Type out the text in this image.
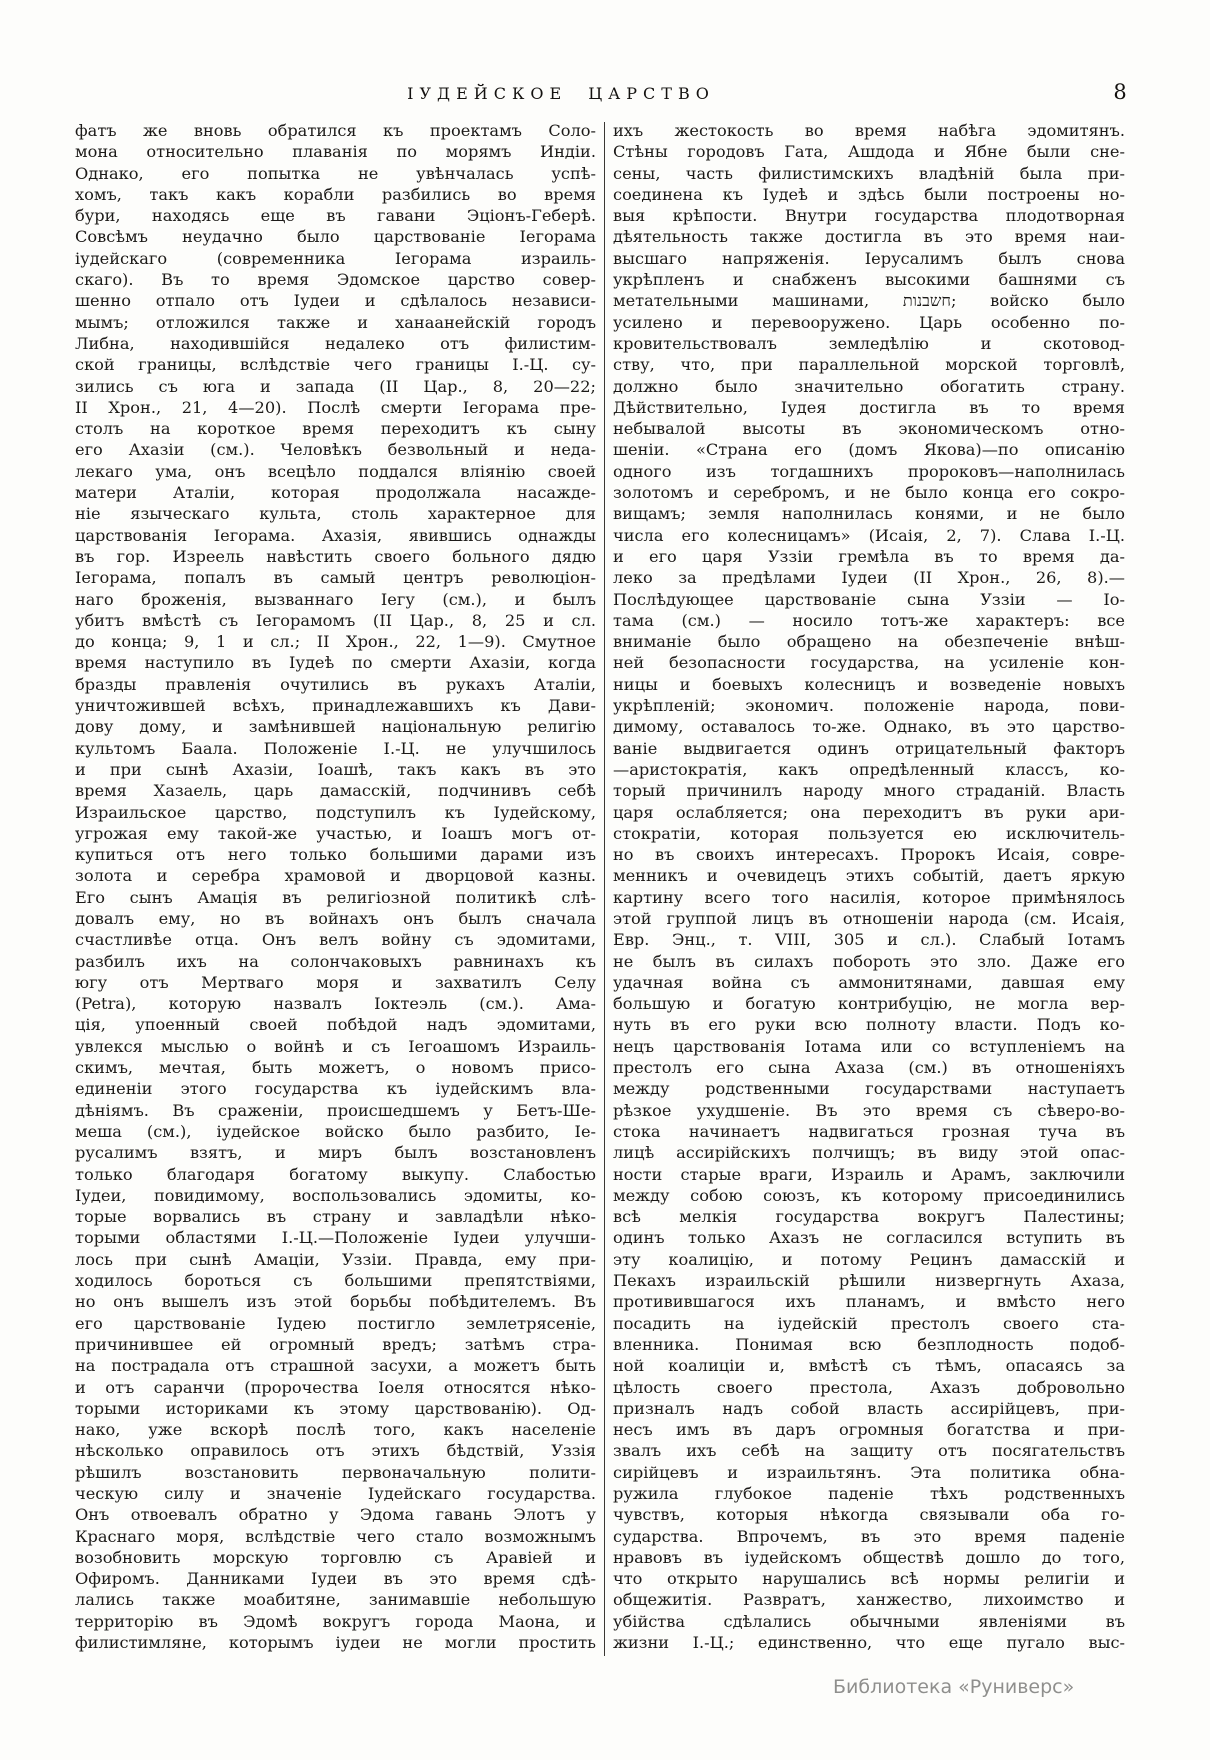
ІУДЕЙСКОЕ ЦАРСТВО	8
фатъ же вновь обратился къ проектамъ Соло-
мона относительно плаванія по морямъ Индіи.
Однако, его попытка не увѣнчалась успѣ-
хомъ, такъ какъ корабли разбились во время
бури, находясь еще въ гавани Эціонъ-Геберѣ.
Совсѣмъ неудачно было царствованіе Іегорама
іудейскаго (современника Іегорама израиль-
скаго). Въ то время Эдомское царство совер-
шенно отпало отъ Іудеи и сдѣлалось независи-
мымъ; отложился также и ханаанейскій городъ
Либна, находившійся недалеко отъ филистим-
ской границы, вслѣдствіе чего границы І.-Ц. су-
зились съ юга и запада (II Цар., 8, 20—22;
II Хрон., 21, 4—20). Послѣ смерти Іегорама пре-
столъ на короткое время переходитъ къ сыну
его Ахазіи (см.). Человѣкъ безвольный и неда-
лекаго ума, онъ всецѣло поддался вліянію своей
матери Аталіи, которая продолжала насажде-
ніе языческаго культа, столь характерное для
царствованія Іегорама. Ахазія, явившись однажды
въ гор. Изреель навѣстить своего больного дядю
Іегорама, попалъ въ самый центръ революціон-
наго броженія, вызваннаго Іегу (см.), и былъ
убитъ вмѣстѣ съ Іегорамомъ (II Цар., 8, 25 и сл.
до конца; 9, 1 и сл.; II Хрон., 22, 1—9). Смутное
время наступило въ Іудеѣ по смерти Ахазіи, когда
бразды правленія очутились въ рукахъ Аталіи,
уничтожившей всѣхъ, принадлежавшихъ къ Дави-
дову дому, и замѣнившей національную религію
культомъ Баала. Положеніе І.-Ц. не улучшилось
и при сынѣ Ахазіи, Іоашѣ, такъ какъ въ это
время Хазаель, царь дамасскій, подчинивъ себѣ
Израильское царство, подступилъ къ Іудейскому,
угрожая ему такой-же участью, и Іоашъ могъ от-
купиться отъ него только большими дарами изъ
золота и серебра храмовой и дворцовой казны.
Его сынъ Амація въ религіозной политикѣ слѣ-
довалъ ему, но въ войнахъ онъ былъ сначала
счастливѣе отца. Онъ велъ войну съ эдомитами,
разбилъ ихъ на солончаковыхъ равнинахъ къ
югу отъ Мертваго моря и захватилъ Селу
(Petra), которую назвалъ Іоктеэль (см.). Ама-
ція, упоенный своей побѣдой надъ эдомитами,
увлекся мыслью о войнѣ и съ Іегоашомъ Израиль-
скимъ, мечтая, быть можетъ, о новомъ присо-
единеніи этого государства къ іудейскимъ вла-
дѣніямъ. Въ сраженіи, происшедшемъ у Бетъ-Ше-
меша (см.), іудейское войско было разбито, Іе-
русалимъ взятъ, и миръ былъ возстановленъ
только благодаря богатому выкупу. Слабостью
Іудеи, повидимому, воспользовались эдомиты, ко-
торые ворвались въ страну и завладѣли нѣко-
торыми областями І.-Ц.—Положеніе Іудеи улучши-
лось при сынѣ Амаціи, Уззіи. Правда, ему при-
ходилось бороться съ большими препятствіями,
но онъ вышелъ изъ этой борьбы побѣдителемъ. Въ
его царствованіе Іудею постигло землетрясеніе,
причинившее ей огромный вредъ; затѣмъ стра-
на пострадала отъ страшной засухи, а можетъ быть
и отъ саранчи (пророчества Іоеля относятся нѣко-
торыми историками къ этому царствованію). Од-
нако, уже вскорѣ послѣ того, какъ населеніе
нѣсколько оправилось отъ этихъ бѣдствій, Уззія
рѣшилъ возстановить первоначальную полити-
ческую силу и значеніе Іудейскаго государства.
Онъ отвоевалъ обратно у Эдома гавань Элотъ у
Краснаго моря, вслѣдствіе чего стало возможнымъ
возобновить морскую торговлю съ Аравіей и
Офиромъ. Данниками Іудеи въ это время сдѣ-
лались также моабитяне, занимавшіе небольшую
территорію въ Эдомѣ вокругъ города Маона, и
филистимляне, которымъ іудеи не могли простить
ихъ жестокость во время набѣга эдомитянъ.
Стѣны городовъ Гата, Ашдода и Ябне были сне-
сены, часть филистимскихъ владѣній была при-
соединена къ Іудеѣ и здѣсь были построены но-
выя крѣпости. Внутри государства плодотворная
дѣятельность также достигла въ это время наи-
высшаго напряженія. Іерусалимъ былъ снова
укрѣпленъ и снабженъ высокими башнями съ
метательными машинами, חשבנות; войско было
усилено и перевооружено. Царь особенно по-
кровительствовалъ земледѣлію и скотовод-
ству, что, при параллельной морской торговлѣ,
должно было значительно обогатить страну.
Дѣйствительно, Іудея достигла въ то время
небывалой высоты въ экономическомъ отно-
шеніи. «Страна его (домъ Якова)—по описанію
одного изъ тогдашнихъ пророковъ—наполнилась
золотомъ и серебромъ, и не было конца его сокро-
вищамъ; земля наполнилась конями, и не было
числа его колесницамъ» (Исаія, 2, 7). Слава І.-Ц.
и его царя Уззіи гремѣла въ то время да-
леко за предѣлами Іудеи (II Хрон., 26, 8).—
Послѣдующее царствованіе сына Уззіи — Іо-
тама (см.) — носило тотъ-же характеръ: все
вниманіе было обращено на обезпеченіе внѣш-
ней безопасности государства, на усиленіе кон-
ницы и боевыхъ колесницъ и возведеніе новыхъ
укрѣпленій; экономич. положеніе народа, пови-
димому, оставалось то-же. Однако, въ это царство-
ваніе выдвигается одинъ отрицательный факторъ
—аристократія, какъ опредѣленный классъ, ко-
торый причинилъ народу много страданій. Власть
царя ослабляется; она переходитъ въ руки ари-
стократіи, которая пользуется ею исключитель-
но въ своихъ интересахъ. Пророкъ Исаія, совре-
менникъ и очевидецъ этихъ событій, даетъ яркую
картину всего того насилія, которое примѣнялось
этой группой лицъ въ отношеніи народа (см. Исаія,
Евр. Энц., т. VIII, 305 и сл.). Слабый Іотамъ
не былъ въ силахъ побороть это зло. Даже его
удачная война съ аммонитянами, давшая ему
большую и богатую контрибуцію, не могла вер-
нуть въ его руки всю полноту власти. Подъ ко-
нецъ царствованія Іотама или со вступленіемъ на
престолъ его сына Ахаза (см.) въ отношеніяхъ
между родственными государствами наступаетъ
рѣзкое ухудшеніе. Въ это время съ сѣверо-во-
стока начинаетъ надвигаться грозная туча въ
лицѣ ассирійскихъ полчищъ; въ виду этой опас-
ности старые враги, Израиль и Арамъ, заключили
между собою союзъ, къ которому присоединились
всѣ мелкія государства вокругъ Палестины;
одинъ только Ахазъ не согласился вступить въ
эту коалицію, и потому Рецинъ дамасскій и
Пекахъ израильскій рѣшили низвергнуть Ахаза,
противившагося ихъ планамъ, и вмѣсто него
посадить на іудейскій престолъ своего ста-
вленника. Понимая всю безплодность подоб-
ной коалиціи и, вмѣстѣ съ тѣмъ, опасаясь за
цѣлость своего престола, Ахазъ добровольно
призналъ надъ собой власть ассирійцевъ, при-
несъ имъ въ даръ огромныя богатства и при-
звалъ ихъ себѣ на защиту отъ посягательствъ
сирійцевъ и израильтянъ. Эта политика обна-
ружила глубокое паденіе тѣхъ родственныхъ
чувствъ, которыя нѣкогда связывали оба го-
сударства. Впрочемъ, въ это время паденіе
нравовъ въ іудейскомъ обществѣ дошло до того,
что открыто нарушались всѣ нормы религіи и
общежитія. Развратъ, ханжество, лихоимство и
убійства сдѣлались обычными явленіями въ
жизни І.-Ц.; единственно, что еще пугало выс-
Библиотека «Руниверс»
